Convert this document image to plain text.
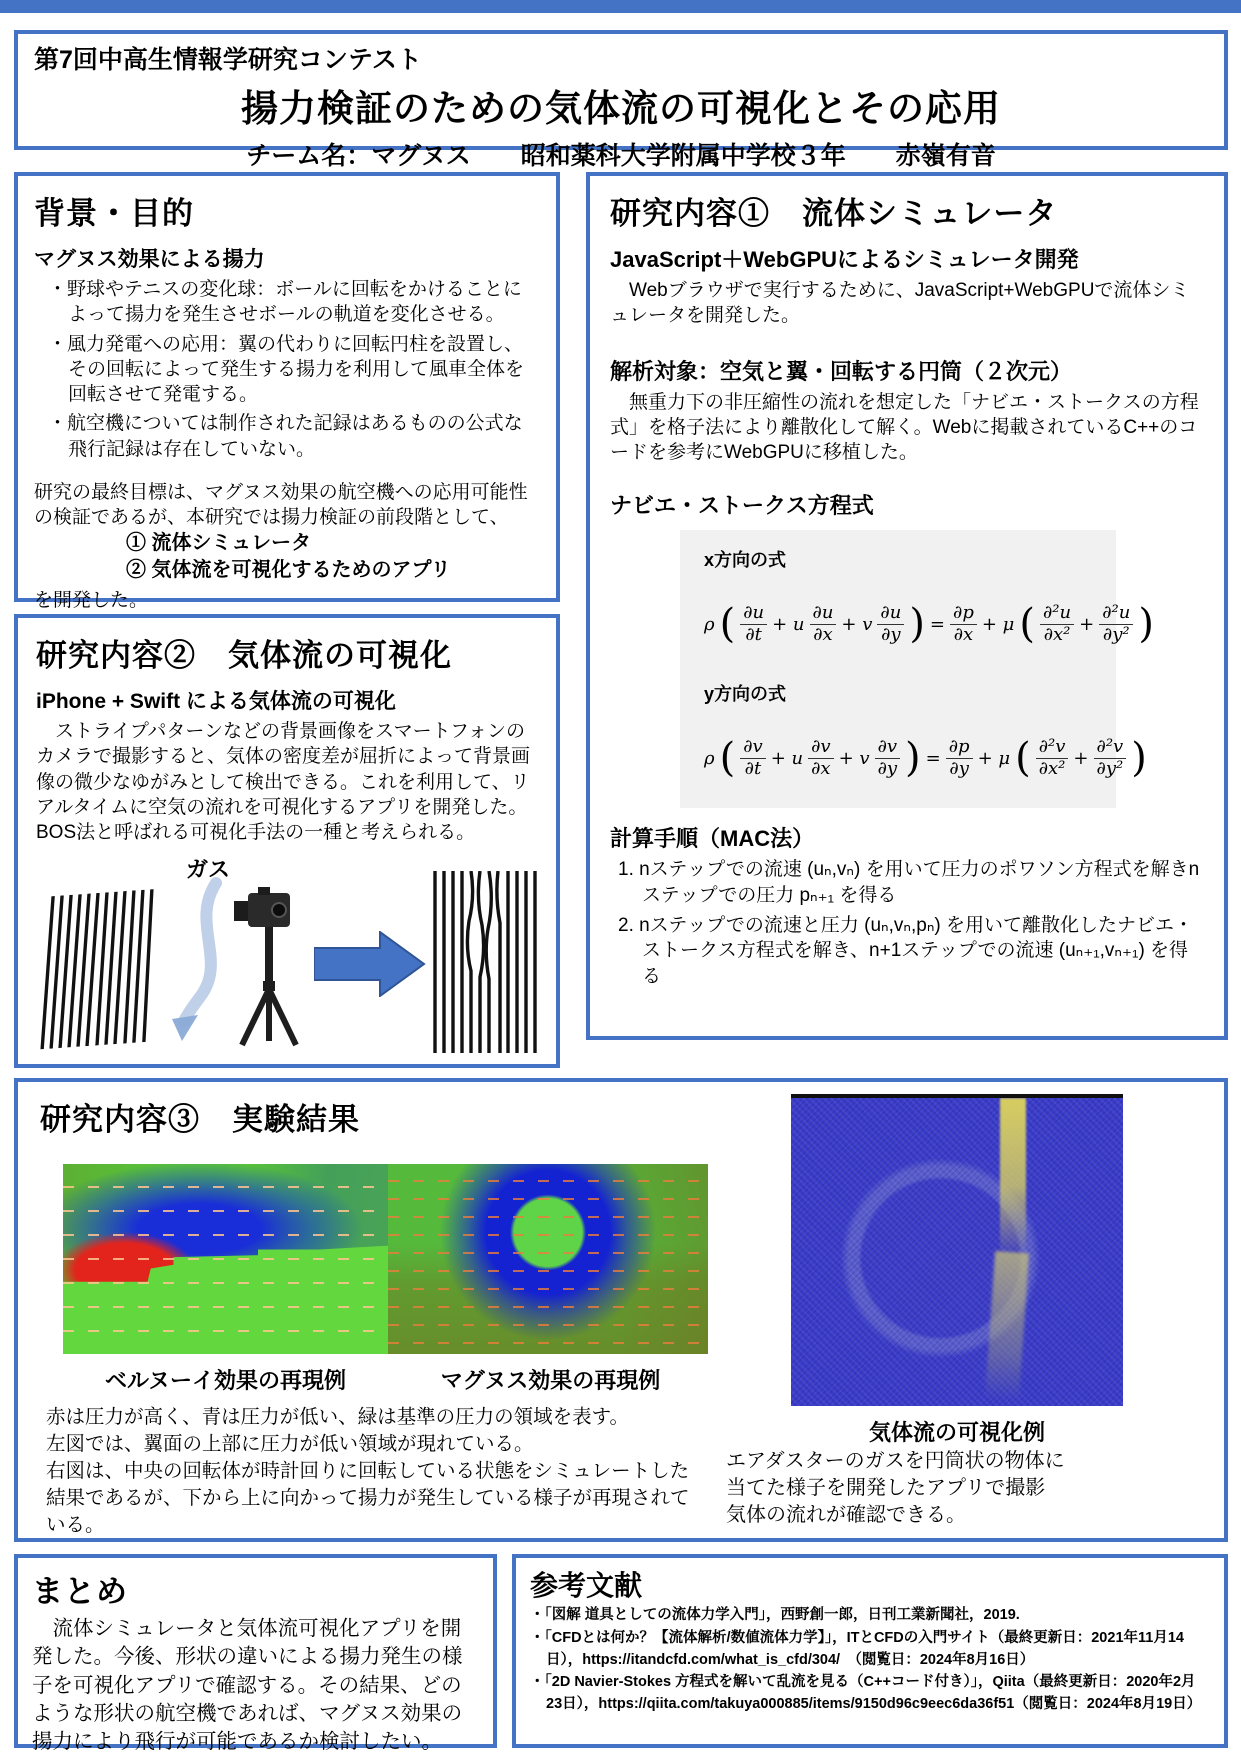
第7回中高生情報学研究コンテスト
揚力検証のための気体流の可視化とその応用
チーム名：マグヌス　　昭和薬科大学附属中学校３年　　赤嶺有音
背景・目的
マグヌス効果による揚力
・野球やテニスの変化球：ボールに回転をかけることによって揚力を発生させボールの軌道を変化させる。
・風力発電への応用：翼の代わりに回転円柱を設置し、その回転によって発生する揚力を利用して風車全体を回転させて発電する。
・航空機については制作された記録はあるものの公式な飛行記録は存在していない。
研究の最終目標は、マグヌス効果の航空機への応用可能性の検証であるが、本研究では揚力検証の前段階として、
① 流体シミュレータ
② 気体流を可視化するためのアプリ
を開発した。
研究内容②　気体流の可視化
iPhone + Swift による気体流の可視化
　ストライプパターンなどの背景画像をスマートフォンのカメラで撮影すると、気体の密度差が屈折によって背景画像の微少なゆがみとして検出できる。これを利用して、リアルタイムに空気の流れを可視化するアプリを開発した。BOS法と呼ばれる可視化手法の一種と考えられる。
ガス
研究内容①　流体シミュレータ
JavaScript＋WebGPUによるシミュレータ開発
　Webブラウザで実行するために、JavaScript+WebGPUで流体シミュレータを開発した。
解析対象：空気と翼・回転する円筒（２次元）
　無重力下の非圧縮性の流れを想定した「ナビエ・ストークスの方程式」を格子法により離散化して解く。Webに掲載されているC++のコードを参考にWebGPUに移植した。
ナビエ・ストークス方程式
x方向の式
ρ ( $\frac{\partial u}{\partial t} + u \frac{\partial u}{\partial x} + v \frac{\partial u}{\partial y}$ ) = $\frac{\partial p}{\partial x} + \mu$ ( $\frac{\text{∂²u}}{\text{∂x²}} + \frac{\text{∂²u}}{\text{∂y²}}$ )
y方向の式
ρ ( $\frac{\partial v}{\partial t} + u \frac{\partial v}{\partial x} + v \frac{\partial v}{\partial y}$ ) = $\frac{\partial p}{\partial y} + \mu$ ( $\frac{\text{∂²v}}{\text{∂x²}} + \frac{\text{∂²v}}{\text{∂y²}}$ )
計算手順（MAC法）
1. nステップでの流速 (uₙ,vₙ) を用いて圧力のポワソン方程式を解きnステップでの圧力 pₙ₊₁ を得る
2. nステップでの流速と圧力 (uₙ,vₙ,pₙ) を用いて離散化したナビエ・ストークス方程式を解き、n+1ステップでの流速 (uₙ₊₁,vₙ₊₁) を得る
研究内容③　実験結果
ベルヌーイ効果の再現例	マグヌス効果の再現例
赤は圧力が高く、青は圧力が低い、緑は基準の圧力の領域を表す。
左図では、翼面の上部に圧力が低い領域が現れている。
右図は、中央の回転体が時計回りに回転している状態をシミュレートした結果であるが、下から上に向かって揚力が発生している様子が再現されている。
気体流の可視化例
エアダスターのガスを円筒状の物体に
当てた様子を開発したアプリで撮影
気体の流れが確認できる。
まとめ
　流体シミュレータと気体流可視化アプリを開発した。今後、形状の違いによる揚力発生の様子を可視化アプリで確認する。その結果、どのような形状の航空機であれば、マグヌス効果の揚力により飛行が可能であるか検討したい。
参考文献
・「図解 道具としての流体力学入門」，西野創一郎，日刊工業新聞社，2019.
・「CFDとは何か？【流体解析/数値流体力学】」，ITとCFDの入門サイト（最終更新日：2021年11月14日），https://itandcfd.com/what_is_cfd/304/　（閲覧日：2024年8月16日）
・「2D Navier-Stokes 方程式を解いて乱流を見る（C++コード付き）」，Qiita（最終更新日：2020年2月23日），https://qiita.com/takuya000885/items/9150d96c9eec6da36f51（閲覧日：2024年8月19日）
